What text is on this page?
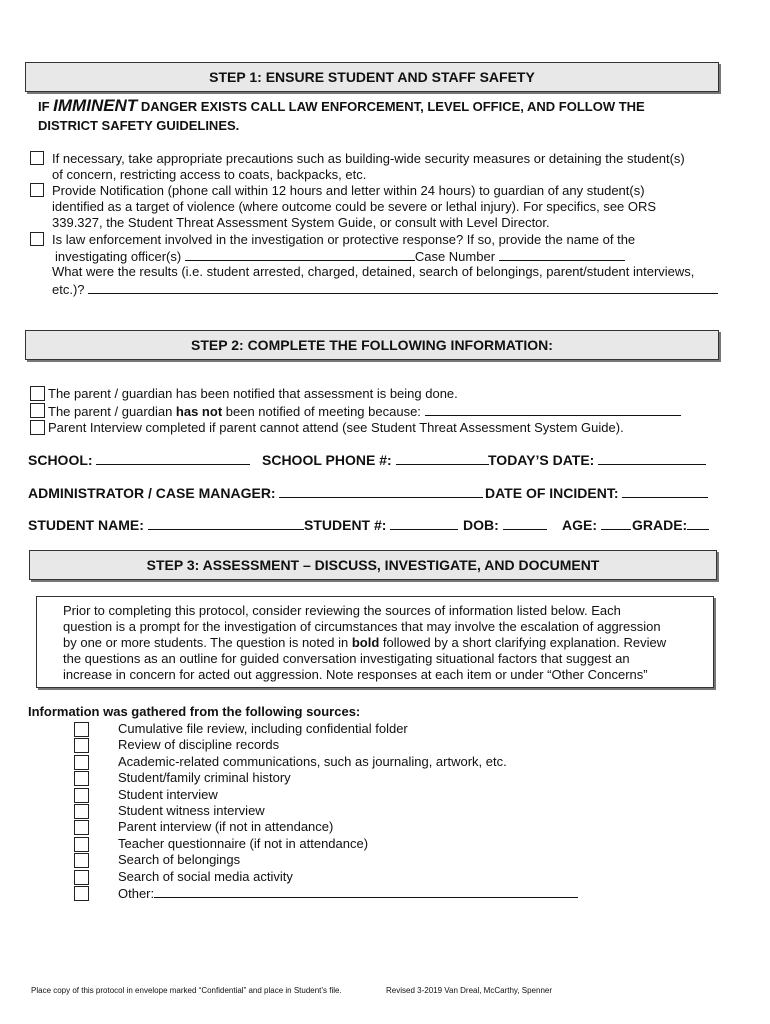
STEP 1: ENSURE STUDENT AND STAFF SAFETY
IF IMMINENT DANGER EXISTS CALL LAW ENFORCEMENT, LEVEL OFFICE, AND FOLLOW THE
DISTRICT SAFETY GUIDELINES.
If necessary, take appropriate precautions such as building-wide security measures or detaining the student(s)
of concern, restricting access to coats, backpacks, etc.
Provide Notification (phone call within 12 hours and letter within 24 hours) to guardian of any student(s)
identified as a target of violence (where outcome could be severe or lethal injury). For specifics, see ORS
339.327, the Student Threat Assessment System Guide, or consult with Level Director.
Is law enforcement involved in the investigation or protective response? If so, provide the name of the
investigating officer(s)	Case Number
What were the results (i.e. student arrested, charged, detained, search of belongings, parent/student interviews,
etc.)?
STEP 2: COMPLETE THE FOLLOWING INFORMATION:
The parent / guardian has been notified that assessment is being done.
The parent / guardian has not been notified of meeting because:
Parent Interview completed if parent cannot attend (see Student Threat Assessment System Guide).
SCHOOL:	SCHOOL PHONE #:	TODAY’S DATE:
ADMINISTRATOR / CASE MANAGER:	DATE OF INCIDENT:
STUDENT NAME:	STUDENT #:	DOB:	AGE:	GRADE:
STEP 3: ASSESSMENT – DISCUSS, INVESTIGATE, AND DOCUMENT
Prior to completing this protocol, consider reviewing the sources of information listed below. Each
question is a prompt for the investigation of circumstances that may involve the escalation of aggression
by one or more students. The question is noted in bold followed by a short clarifying explanation. Review
the questions as an outline for guided conversation investigating situational factors that suggest an
increase in concern for acted out aggression. Note responses at each item or under “Other Concerns”
Information was gathered from the following sources:
Cumulative file review, including confidential folder
Review of discipline records
Academic-related communications, such as journaling, artwork, etc.
Student/family criminal history
Student interview
Student witness interview
Parent interview (if not in attendance)
Teacher questionnaire (if not in attendance)
Search of belongings
Search of social media activity
Other:
Place copy of this protocol in envelope marked “Confidential” and place in Student’s file.	Revised 3-2019 Van Dreal, McCarthy, Spenner
